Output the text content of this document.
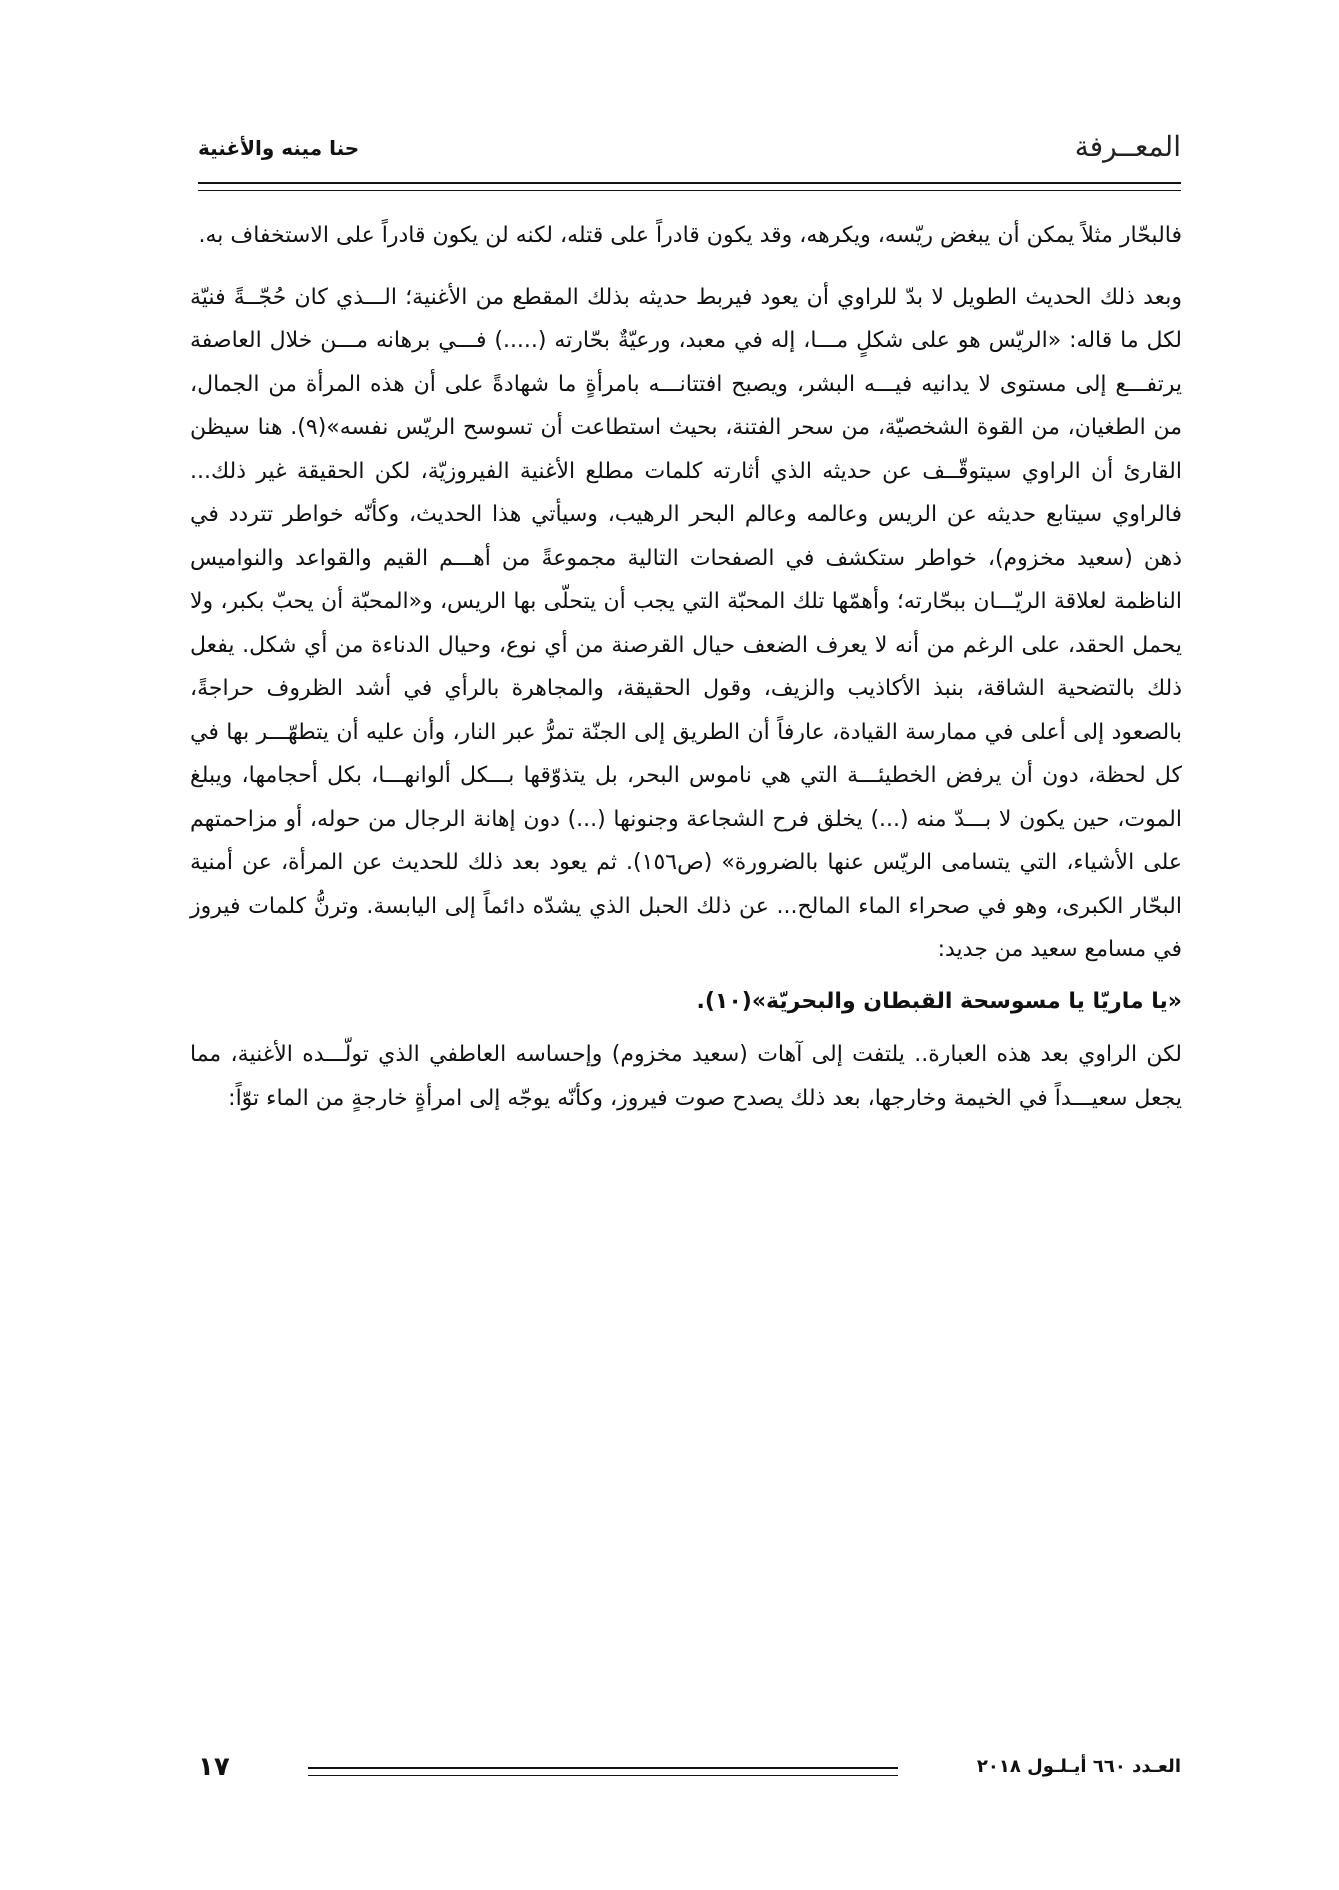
المعــرفة
حنا مينه والأغنية

فالبحّار مثلاً يمكن أن يبغض ريّسه، ويكرهه، وقد يكون قادراً على قتله، لكنه لن يكون قادراً على الاستخفاف به.

وبعد ذلك الحديث الطويل لا بدّ للراوي أن يعود فيربط حديثه بذلك المقطع من الأغنية؛ الـــذي كان حُجّــةً فنيّة لكل ما قاله: «الريّس هو على شكلٍ مـــا، إله في معبد، ورعيّةٌ بحّارته (.....) فـــي برهانه مـــن خلال العاصفة يرتفـــع إلى مستوى لا يدانيه فيـــه البشر، ويصبح افتتانـــه بامرأةٍ ما شهادةً على أن هذه المرأة من الجمال، من الطغيان، من القوة الشخصيّة، من سحر الفتنة، بحيث استطاعت أن تسوسح الريّس نفسه»(٩). هنا سيظن القارئ أن الراوي سيتوقّــف عن حديثه الذي أثارته كلمات مطلع الأغنية الفيروزيّة، لكن الحقيقة غير ذلك... فالراوي سيتابع حديثه عن الريس وعالمه وعالم البحر الرهيب، وسيأتي هذا الحديث، وكأنّه خواطر تتردد في ذهن (سعيد مخزوم)، خواطر ستكشف في الصفحات التالية مجموعةً من أهـــم القيم والقواعد والنواميس الناظمة لعلاقة الريّـــان ببحّارته؛ وأهمّها تلك المحبّة التي يجب أن يتحلّى بها الريس، و«المحبّة أن يحبّ بكبر، ولا يحمل الحقد، على الرغم من أنه لا يعرف الضعف حيال القرصنة من أي نوع، وحيال الدناءة من أي شكل. يفعل ذلك بالتضحية الشاقة، بنبذ الأكاذيب والزيف، وقول الحقيقة، والمجاهرة بالرأي في أشد الظروف حراجةً، بالصعود إلى أعلى في ممارسة القيادة، عارفاً أن الطريق إلى الجنّة تمرُّ عبر النار، وأن عليه أن يتطهّـــر بها في كل لحظة، دون أن يرفض الخطيئـــة التي هي ناموس البحر، بل يتذوّقها بـــكل ألوانهـــا، بكل أحجامها، ويبلغ الموت، حين يكون لا بـــدّ منه (...) يخلق فرح الشجاعة وجنونها (...) دون إهانة الرجال من حوله، أو مزاحمتهم على الأشياء، التي يتسامى الريّس عنها بالضرورة» (ص١٥٦). ثم يعود بعد ذلك للحديث عن المرأة، عن أمنية البحّار الكبرى، وهو في صحراء الماء المالح... عن ذلك الحبل الذي يشدّه دائماً إلى اليابسة. وترنُّ كلمات فيروز في مسامع سعيد من جديد:

«يا ماريّا يا مسوسحة القبطان والبحريّة»(١٠).

لكن الراوي بعد هذه العبارة.. يلتفت إلى آهات (سعيد مخزوم) وإحساسه العاطفي الذي تولّـــده الأغنية، مما يجعل سعيـــداً في الخيمة وخارجها، بعد ذلك يصدح صوت فيروز، وكأنّه يوجّه إلى امرأةٍ خارجةٍ من الماء توّاً:

العـدد ٦٦٠ أيـلـول ٢٠١٨
١٧
